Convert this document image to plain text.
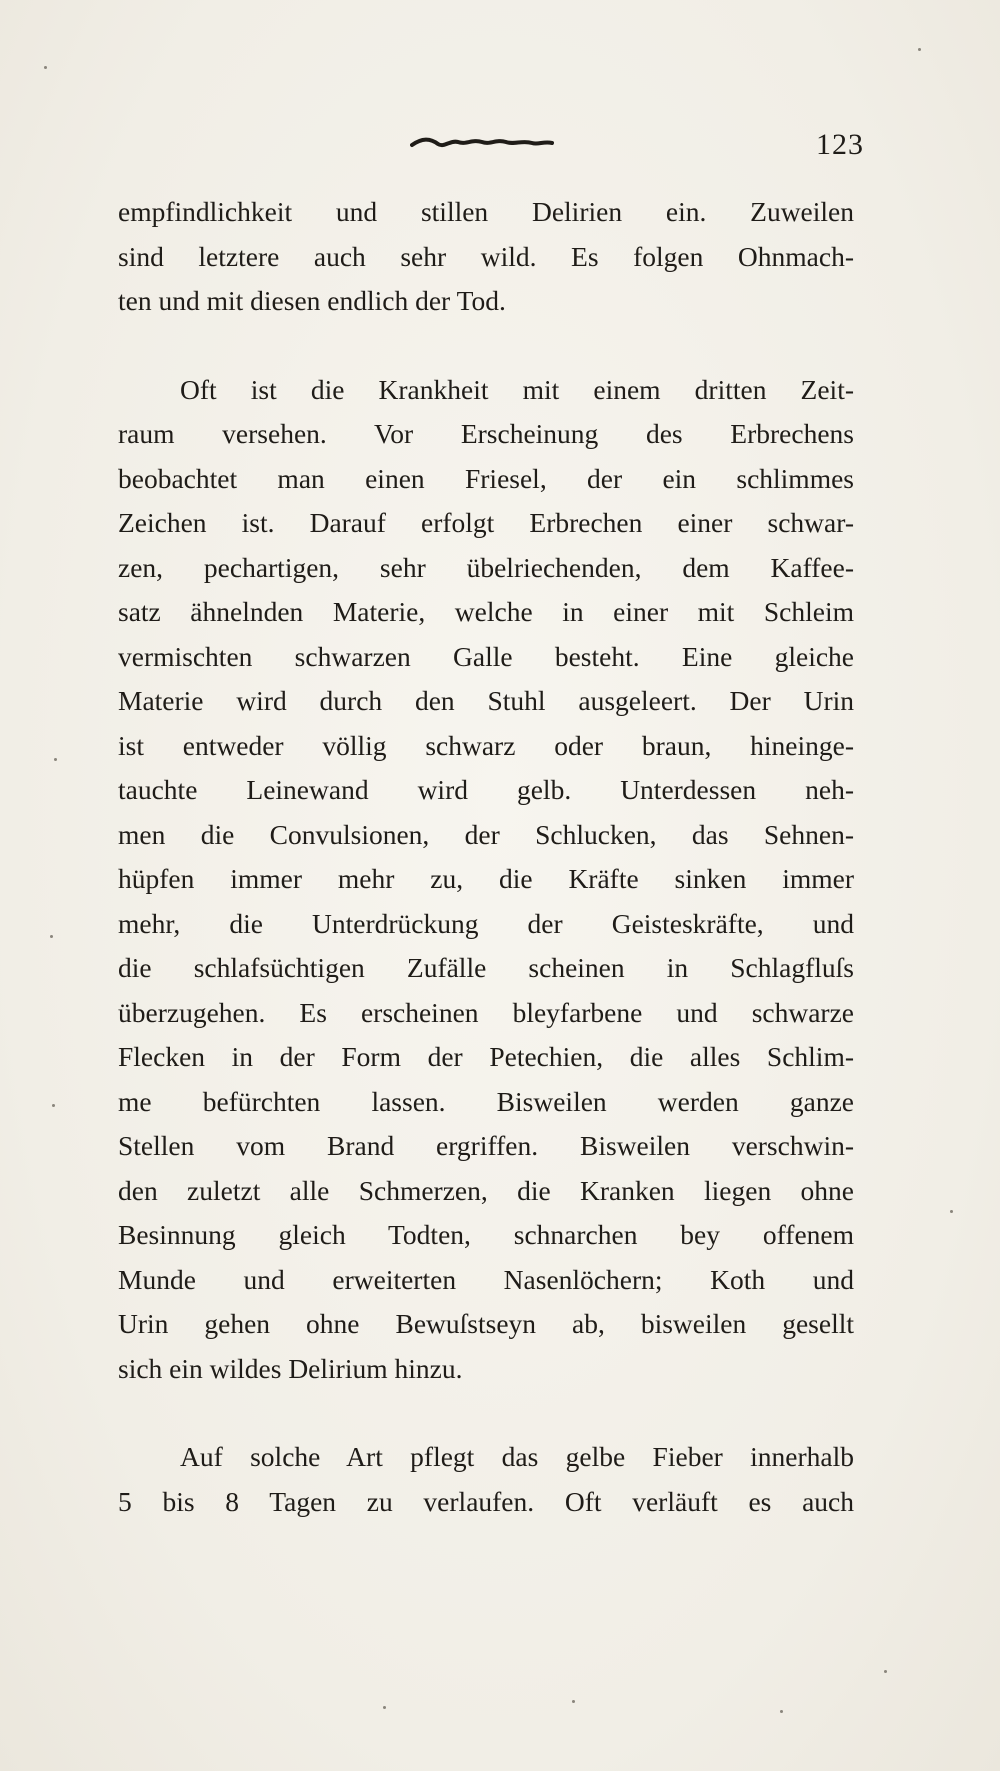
123
empfindlichkeit und stillen Delirien ein. Zuweilen
sind letztere auch sehr wild. Es folgen Ohnmach-
ten und mit diesen endlich der Tod.
Oft ist die Krankheit mit einem dritten Zeit-
raum versehen. Vor Erscheinung des Erbrechens
beobachtet man einen Friesel, der ein schlimmes
Zeichen ist. Darauf erfolgt Erbrechen einer schwar-
zen, pechartigen, sehr übelriechenden, dem Kaffee-
satz ähnelnden Materie, welche in einer mit Schleim
vermischten schwarzen Galle besteht. Eine gleiche
Materie wird durch den Stuhl ausgeleert. Der Urin
ist entweder völlig schwarz oder braun, hineinge-
tauchte Leinewand wird gelb. Unterdessen neh-
men die Convulsionen, der Schlucken, das Sehnen-
hüpfen immer mehr zu, die Kräfte sinken immer
mehr, die Unterdrückung der Geisteskräfte, und
die schlafsüchtigen Zufälle scheinen in Schlagfluſs
überzugehen. Es erscheinen bleyfarbene und schwarze
Flecken in der Form der Petechien, die alles Schlim-
me befürchten lassen. Bisweilen werden ganze
Stellen vom Brand ergriffen. Bisweilen verschwin-
den zuletzt alle Schmerzen, die Kranken liegen ohne
Besinnung gleich Todten, schnarchen bey offenem
Munde und erweiterten Nasenlöchern; Koth und
Urin gehen ohne Bewuſstseyn ab, bisweilen gesellt
sich ein wildes Delirium hinzu.
Auf solche Art pflegt das gelbe Fieber innerhalb
5 bis 8 Tagen zu verlaufen. Oft verläuft es auch
